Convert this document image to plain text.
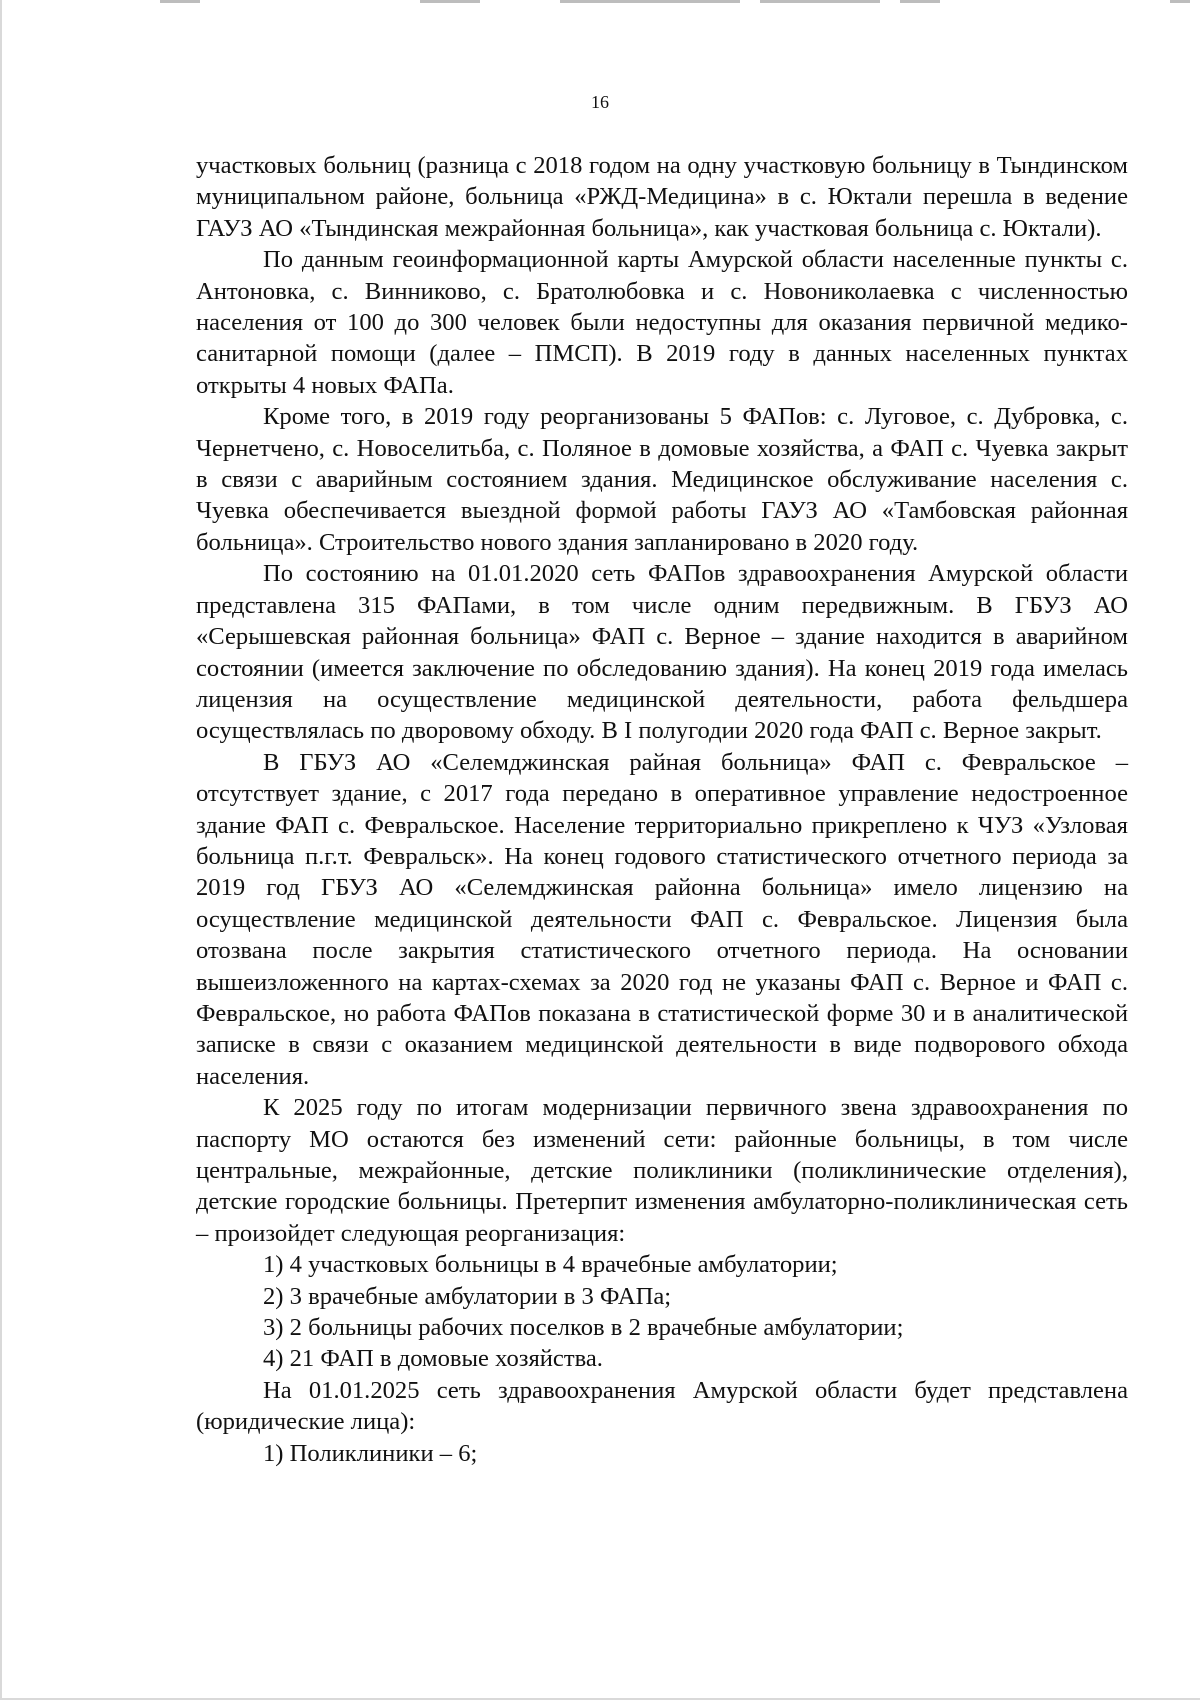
16

участковых больниц (разница с 2018 годом на одну участковую больницу в Тындинском муниципальном районе, больница «РЖД-Медицина» в с. Юктали перешла в ведение ГАУЗ АО «Тындинская межрайонная больница», как участковая больница с. Юктали).

По данным геоинформационной карты Амурской области населенные пункты с. Антоновка, с. Винниково, с. Братолюбовка и с. Новониколаевка с численностью населения от 100 до 300 человек были недоступны для оказания первичной медико-санитарной помощи (далее – ПМСП). В 2019 году в данных населенных пунктах открыты 4 новых ФАПа.

Кроме того, в 2019 году реорганизованы 5 ФАПов: с. Луговое, с. Дубровка, с. Чернетчено, с. Новоселитьба, с. Поляное в домовые хозяйства, а ФАП с. Чуевка закрыт в связи с аварийным состоянием здания. Медицинское обслуживание населения с. Чуевка обеспечивается выездной формой работы ГАУЗ АО «Тамбовская районная больница». Строительство нового здания запланировано в 2020 году.

По состоянию на 01.01.2020 сеть ФАПов здравоохранения Амурской области представлена 315 ФАПами, в том числе одним передвижным. В ГБУЗ АО «Серышевская районная больница» ФАП с. Верное – здание находится в аварийном состоянии (имеется заключение по обследованию здания). На конец 2019 года имелась лицензия на осуществление медицинской деятельности, работа фельдшера осуществлялась по дворовому обходу. В I полугодии 2020 года ФАП с. Верное закрыт.

В ГБУЗ АО «Селемджинская райная больница» ФАП с. Февральское – отсутствует здание, с 2017 года передано в оперативное управление недостроенное здание ФАП с. Февральское. Население территориально прикреплено к ЧУЗ «Узловая больница п.г.т. Февральск». На конец годового статистического отчетного периода за 2019 год ГБУЗ АО «Селемджинская районна больница» имело лицензию на осуществление медицинской деятельности ФАП с. Февральское. Лицензия была отозвана после закрытия статистического отчетного периода. На основании вышеизложенного на картах-схемах за 2020 год не указаны ФАП с. Верное и ФАП с. Февральское, но работа ФАПов показана в статистической форме 30 и в аналитической записке в связи с оказанием медицинской деятельности в виде подворового обхода населения.

К 2025 году по итогам модернизации первичного звена здравоохранения по паспорту МО остаются без изменений сети: районные больницы, в том числе центральные, межрайонные, детские поликлиники (поликлинические отделения), детские городские больницы. Претерпит изменения амбулаторно-поликлиническая сеть – произойдет следующая реорганизация:

1) 4 участковых больницы в 4 врачебные амбулатории;

2) 3 врачебные амбулатории в 3 ФАПа;

3) 2 больницы рабочих поселков в 2 врачебные амбулатории;

4) 21 ФАП в домовые хозяйства.

На 01.01.2025 сеть здравоохранения Амурской области будет представлена (юридические лица):

1) Поликлиники – 6;
